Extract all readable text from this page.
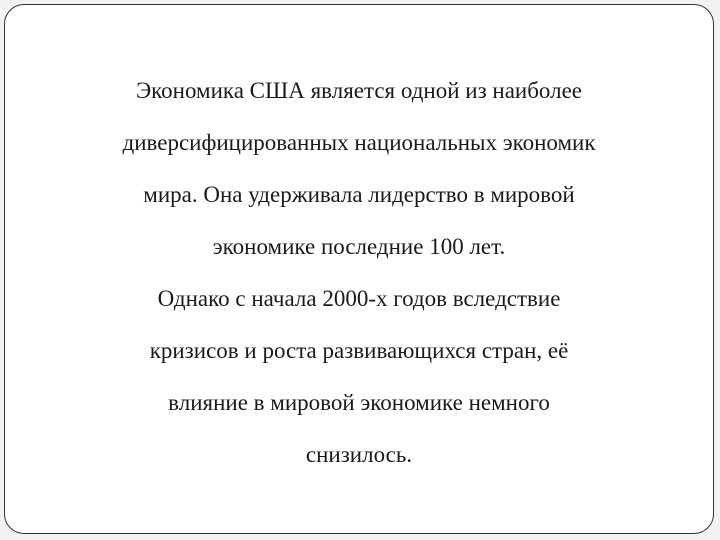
Экономика США является одной из наиболее
диверсифицированных национальных экономик
мира. Она удерживала лидерство в мировой
экономике последние 100 лет.
Однако с начала 2000-х годов вследствие
кризисов и роста развивающихся стран, её
влияние в мировой экономике немного
снизилось.
